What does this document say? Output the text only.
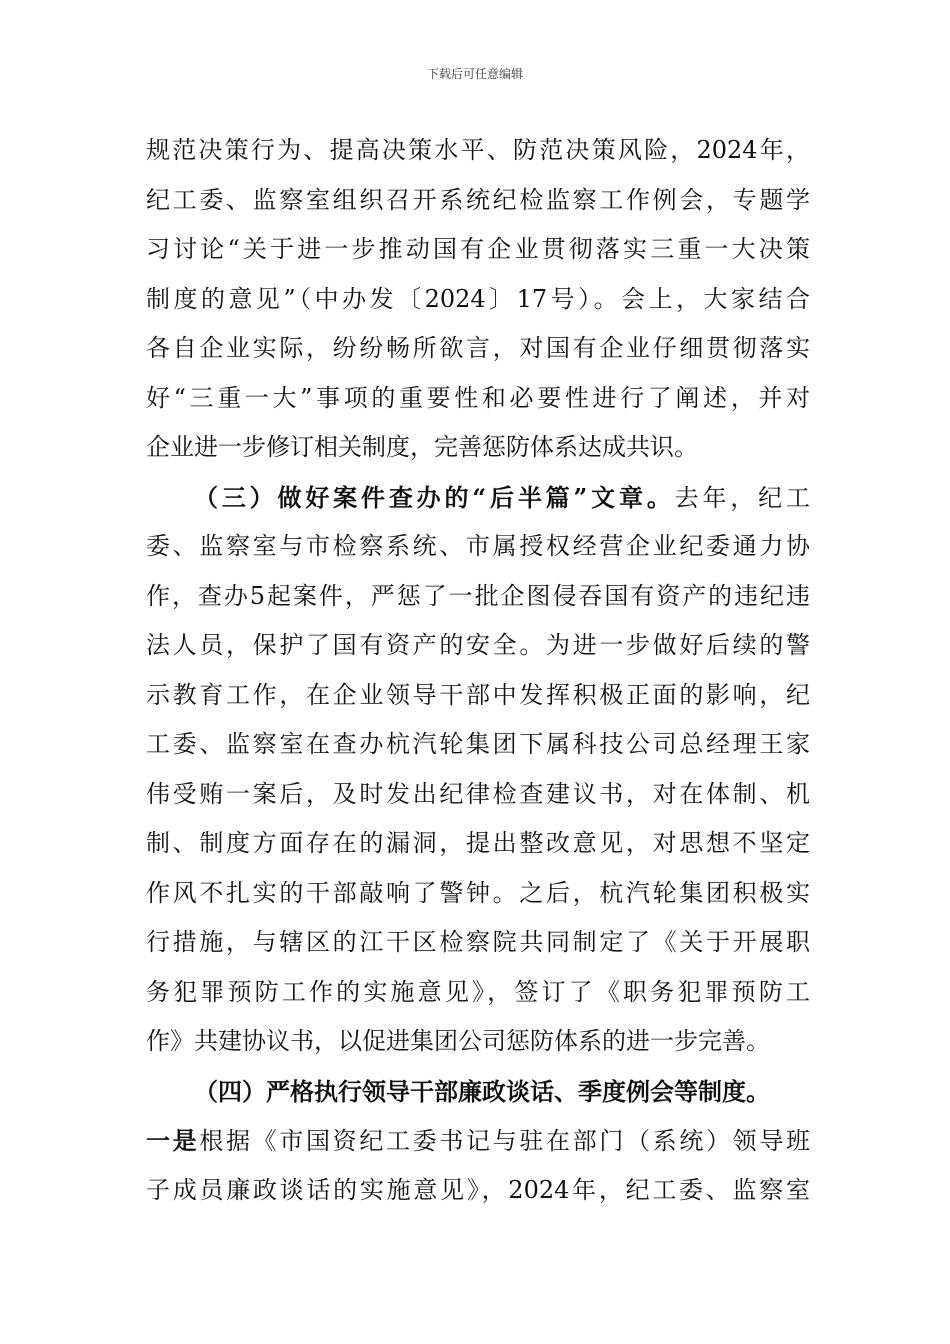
下载后可任意编辑
规范决策行为、提高决策水平、防范决策风险，2024年，
纪工委、监察室组织召开系统纪检监察工作例会，专题学
习讨论“关于进一步推动国有企业贯彻落实三重一大决策
制度的意见”（中办发〔2024〕17号）。会上，大家结合
各自企业实际，纷纷畅所欲言，对国有企业仔细贯彻落实
好“三重一大”事项的重要性和必要性进行了阐述，并对
企业进一步修订相关制度，完善惩防体系达成共识。
（三）做好案件查办的“后半篇”文章。去年，纪工
委、监察室与市检察系统、市属授权经营企业纪委通力协
作，查办5起案件，严惩了一批企图侵吞国有资产的违纪违
法人员，保护了国有资产的安全。为进一步做好后续的警
示教育工作，在企业领导干部中发挥积极正面的影响，纪
工委、监察室在查办杭汽轮集团下属科技公司总经理王家
伟受贿一案后，及时发出纪律检查建议书，对在体制、机
制、制度方面存在的漏洞，提出整改意见，对思想不坚定
作风不扎实的干部敲响了警钟。之后，杭汽轮集团积极实
行措施，与辖区的江干区检察院共同制定了《关于开展职
务犯罪预防工作的实施意见》，签订了《职务犯罪预防工
作》共建协议书，以促进集团公司惩防体系的进一步完善。
（四）严格执行领导干部廉政谈话、季度例会等制度。
一是根据《市国资纪工委书记与驻在部门（系统）领导班
子成员廉政谈话的实施意见》，2024年，纪工委、监察室
